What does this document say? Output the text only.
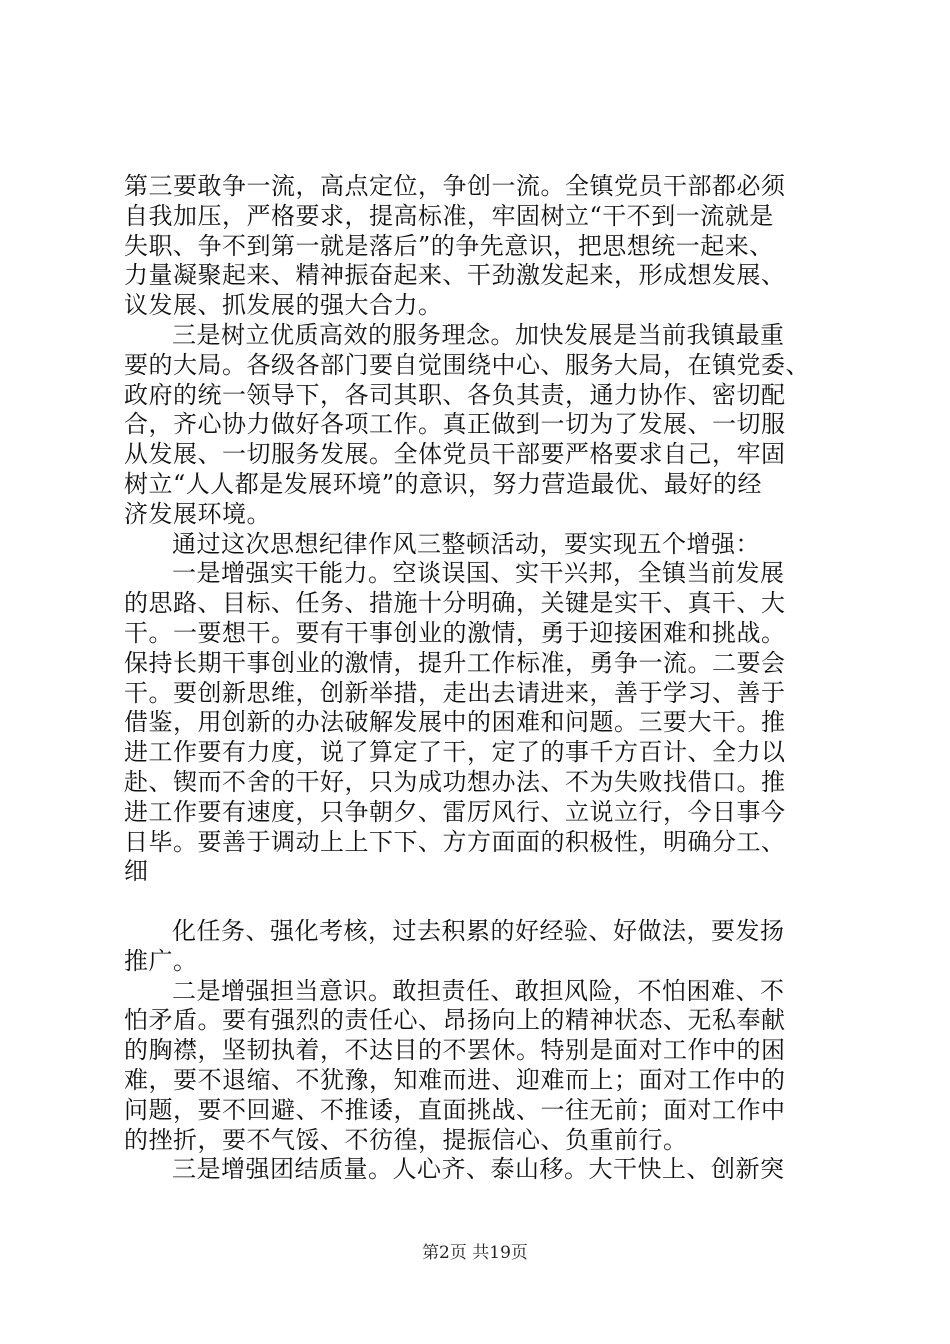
第三要敢争一流，高点定位，争创一流。全镇党员干部都必须
自我加压，严格要求，提高标准，牢固树立“干不到一流就是
失职、争不到第一就是落后”的争先意识，把思想统一起来、
力量凝聚起来、精神振奋起来、干劲激发起来，形成想发展、
议发展、抓发展的强大合力。
三是树立优质高效的服务理念。加快发展是当前我镇最重
要的大局。各级各部门要自觉围绕中心、服务大局，在镇党委、
政府的统一领导下，各司其职、各负其责，通力协作、密切配
合，齐心协力做好各项工作。真正做到一切为了发展、一切服
从发展、一切服务发展。全体党员干部要严格要求自己，牢固
树立“人人都是发展环境”的意识，努力营造最优、最好的经
济发展环境。
通过这次思想纪律作风三整顿活动，要实现五个增强：
一是增强实干能力。空谈误国、实干兴邦，全镇当前发展
的思路、目标、任务、措施十分明确，关键是实干、真干、大
干。一要想干。要有干事创业的激情，勇于迎接困难和挑战。
保持长期干事创业的激情，提升工作标准，勇争一流。二要会
干。要创新思维，创新举措，走出去请进来，善于学习、善于
借鉴，用创新的办法破解发展中的困难和问题。三要大干。推
进工作要有力度，说了算定了干，定了的事千方百计、全力以
赴、锲而不舍的干好，只为成功想办法、不为失败找借口。推
进工作要有速度，只争朝夕、雷厉风行、立说立行，今日事今
日毕。要善于调动上上下下、方方面面的积极性，明确分工、
细
化任务、强化考核，过去积累的好经验、好做法，要发扬
推广。
二是增强担当意识。敢担责任、敢担风险，不怕困难、不
怕矛盾。要有强烈的责任心、昂扬向上的精神状态、无私奉献
的胸襟，坚韧执着，不达目的不罢休。特别是面对工作中的困
难，要不退缩、不犹豫，知难而进、迎难而上；面对工作中的
问题，要不回避、不推诿，直面挑战、一往无前；面对工作中
的挫折，要不气馁、不彷徨，提振信心、负重前行。
三是增强团结质量。人心齐、泰山移。大干快上、创新突
第2页 共19页
